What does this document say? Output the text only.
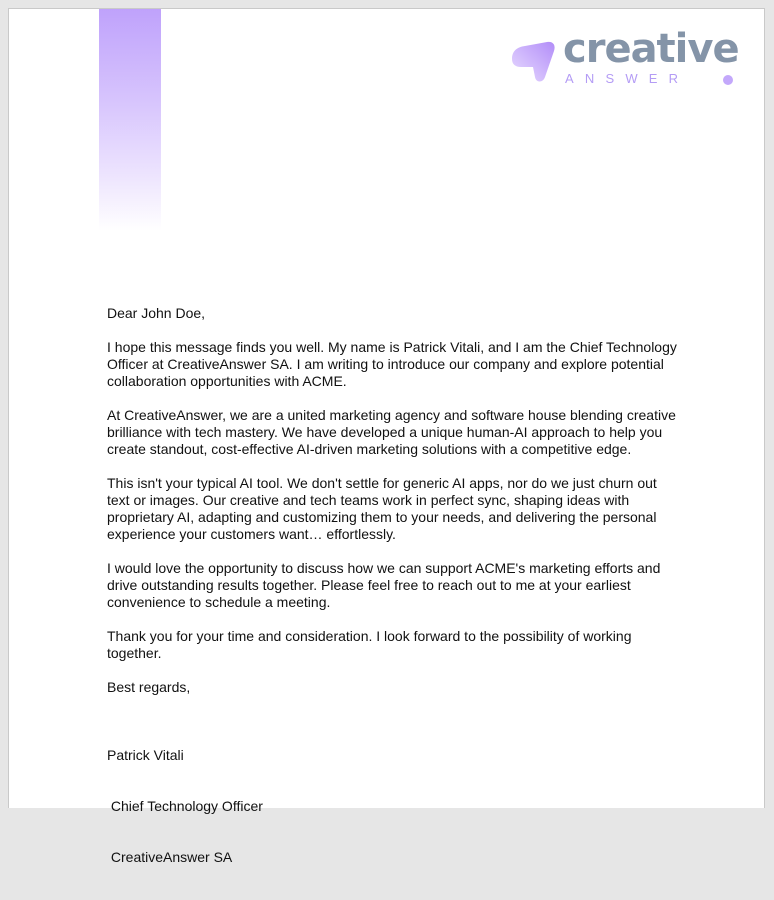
creative
ANSWER

Dear John Doe,

I hope this message finds you well. My name is Patrick Vitali, and I am the Chief Technology Officer at CreativeAnswer SA. I am writing to introduce our company and explore potential collaboration opportunities with ACME.

At CreativeAnswer, we are a united marketing agency and software house blending creative brilliance with tech mastery. We have developed a unique human-AI approach to help you create standout, cost-effective AI-driven marketing solutions with a competitive edge.

This isn't your typical AI tool. We don't settle for generic AI apps, nor do we just churn out text or images. Our creative and tech teams work in perfect sync, shaping ideas with proprietary AI, adapting and customizing them to your needs, and delivering the personal experience your customers want… effortlessly.

I would love the opportunity to discuss how we can support ACME's marketing efforts and drive outstanding results together. Please feel free to reach out to me at your earliest convenience to schedule a meeting.

Thank you for your time and consideration. I look forward to the possibility of working together.

Best regards,

Patrick Vitali

Chief Technology Officer

CreativeAnswer SA
